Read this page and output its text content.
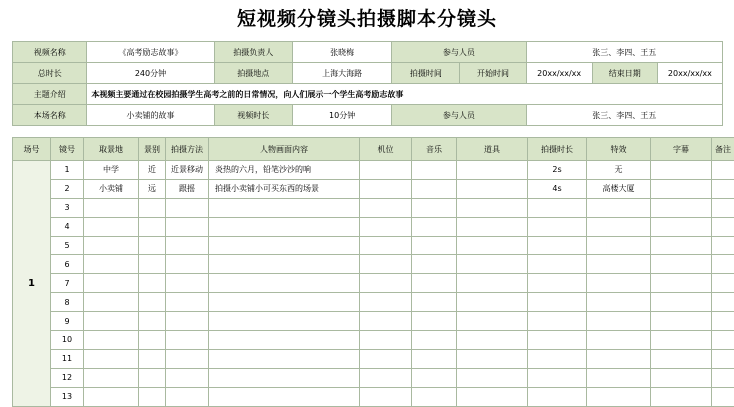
短视频分镜头拍摄脚本分镜头
视频名称	《高考励志故事》	拍摄负责人	张晓梅	参与人员		张三、李四、王五		
总时长	240分钟	拍摄地点	上海大海路	拍摄时间	开始时间	20xx/xx/xx	结束日期	20xx/xx/xx
主题介绍	本视频主要通过在校园拍摄学生高考之前的日常情况，向人们展示一个学生高考励志故事							
本场名称	小卖铺的故事	视频时长	10分钟	参与人员		张三、李四、王五		
场号	镜号	取景地	景别	拍摄方法	人物画面内容	机位	音乐	道具	拍摄时长	特效	字幕	备注
1	1	中学	近	近景移动	炎热的六月，铅笔沙沙的响				2s	无		
	2	小卖铺	远	跟摇	拍摄小卖铺小可买东西的场景				4s	高楼大厦		
	3											
	4											
	5											
	6											
	7											
	8											
	9											
	10											
	11											
	12											
	13											
